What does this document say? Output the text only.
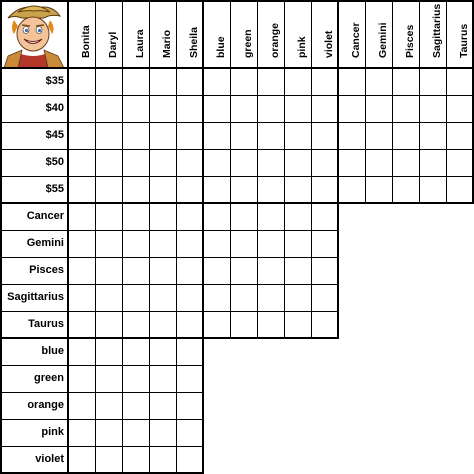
Bonita Daryl Laura Mario Sheila blue green orange pink violet Cancer Gemini Pisces Sagittarius Taurus
$35
$40
$45
$50
$55
Cancer
Gemini
Pisces
Sagittarius
Taurus
blue
green
orange
pink
violet
